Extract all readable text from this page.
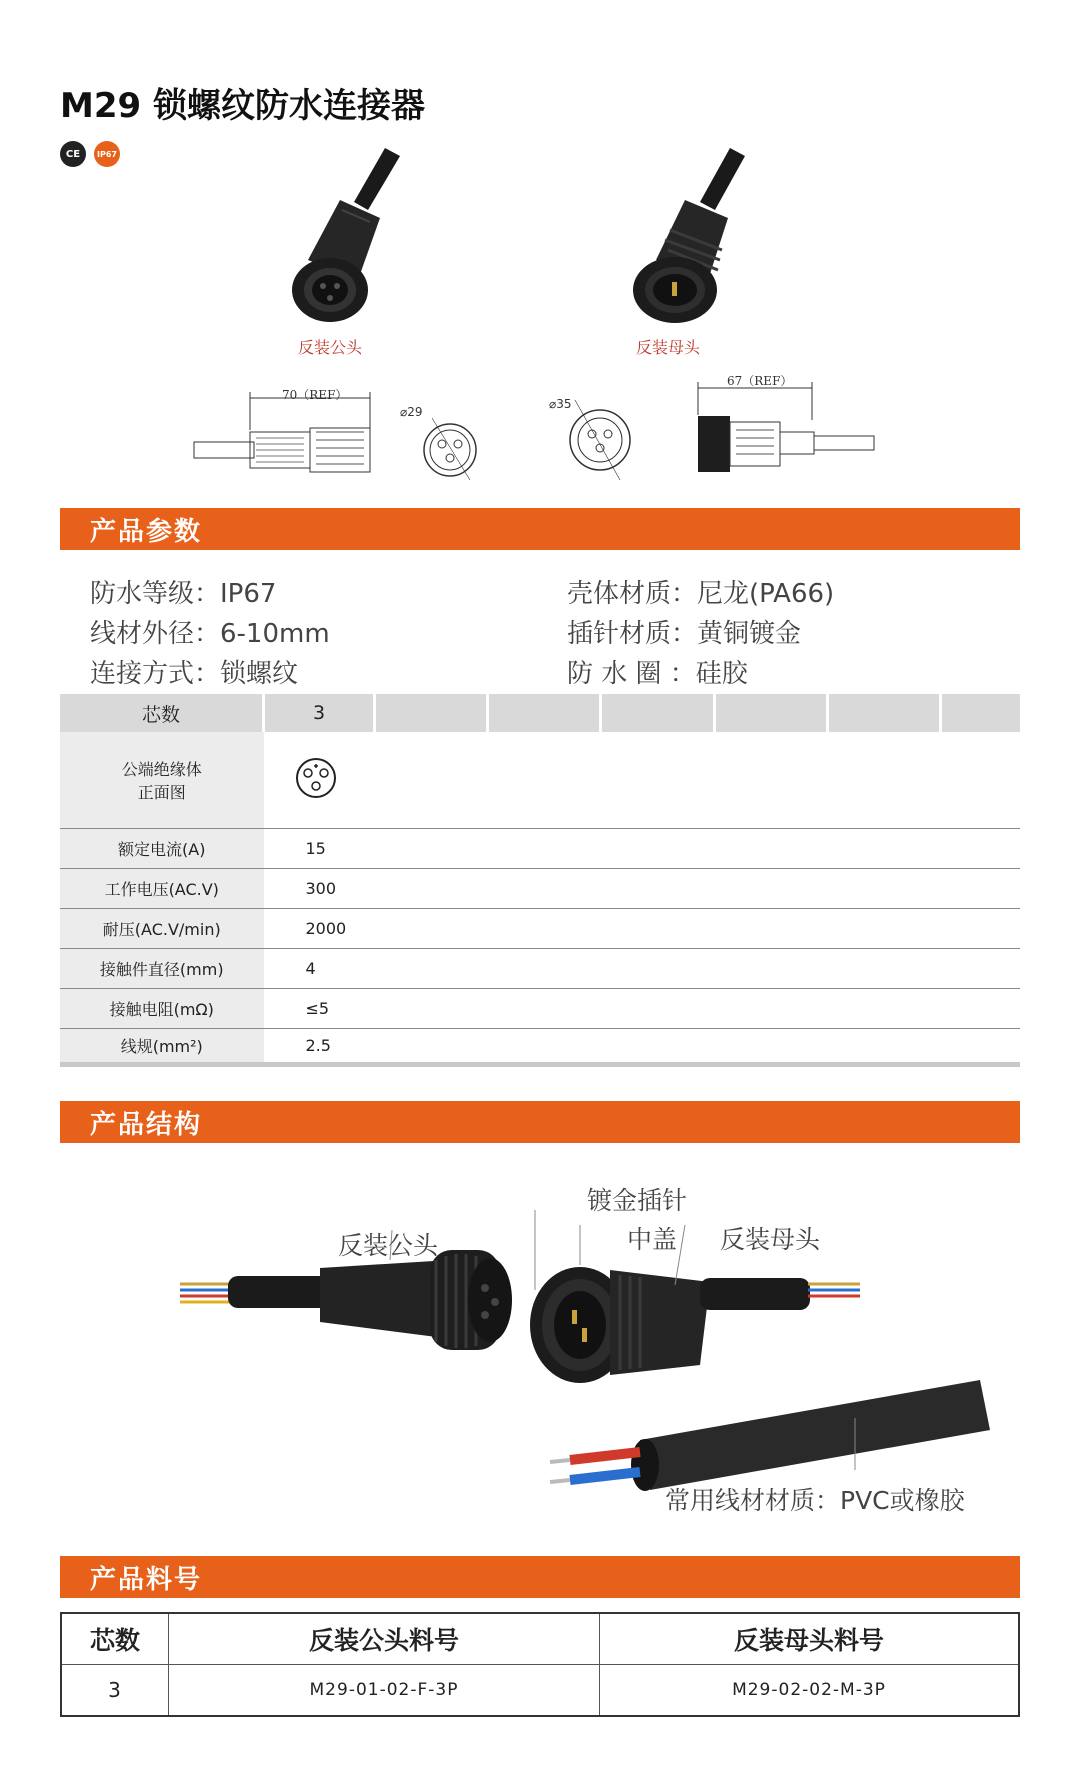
M29 锁螺纹防水连接器
CE	IP67
反装公头	反装母头
70（REF）
⌀29
⌀35
67（REF）
产品参数
防水等级：IP67
线材外径：6-10mm
连接方式：锁螺纹
壳体材质：尼龙(PA66)
插针材质：黄铜镀金
防 水 圈 ：硅胶
芯数	3						

公端绝缘体
正面图

额定电流(A)	15						
工作电压(AC.V)	300						
耐压(AC.V/min)	2000						
接触件直径(mm)	4						
接触电阻(mΩ)	≤5						
线规(mm²)	2.5						
产品结构
反装公头
镀金插针
中盖 反装母头
常用线材材质：PVC或橡胶
产品料号
芯数	反装公头料号	反装母头料号
3	M29-01-02-F-3P	M29-02-02-M-3P
